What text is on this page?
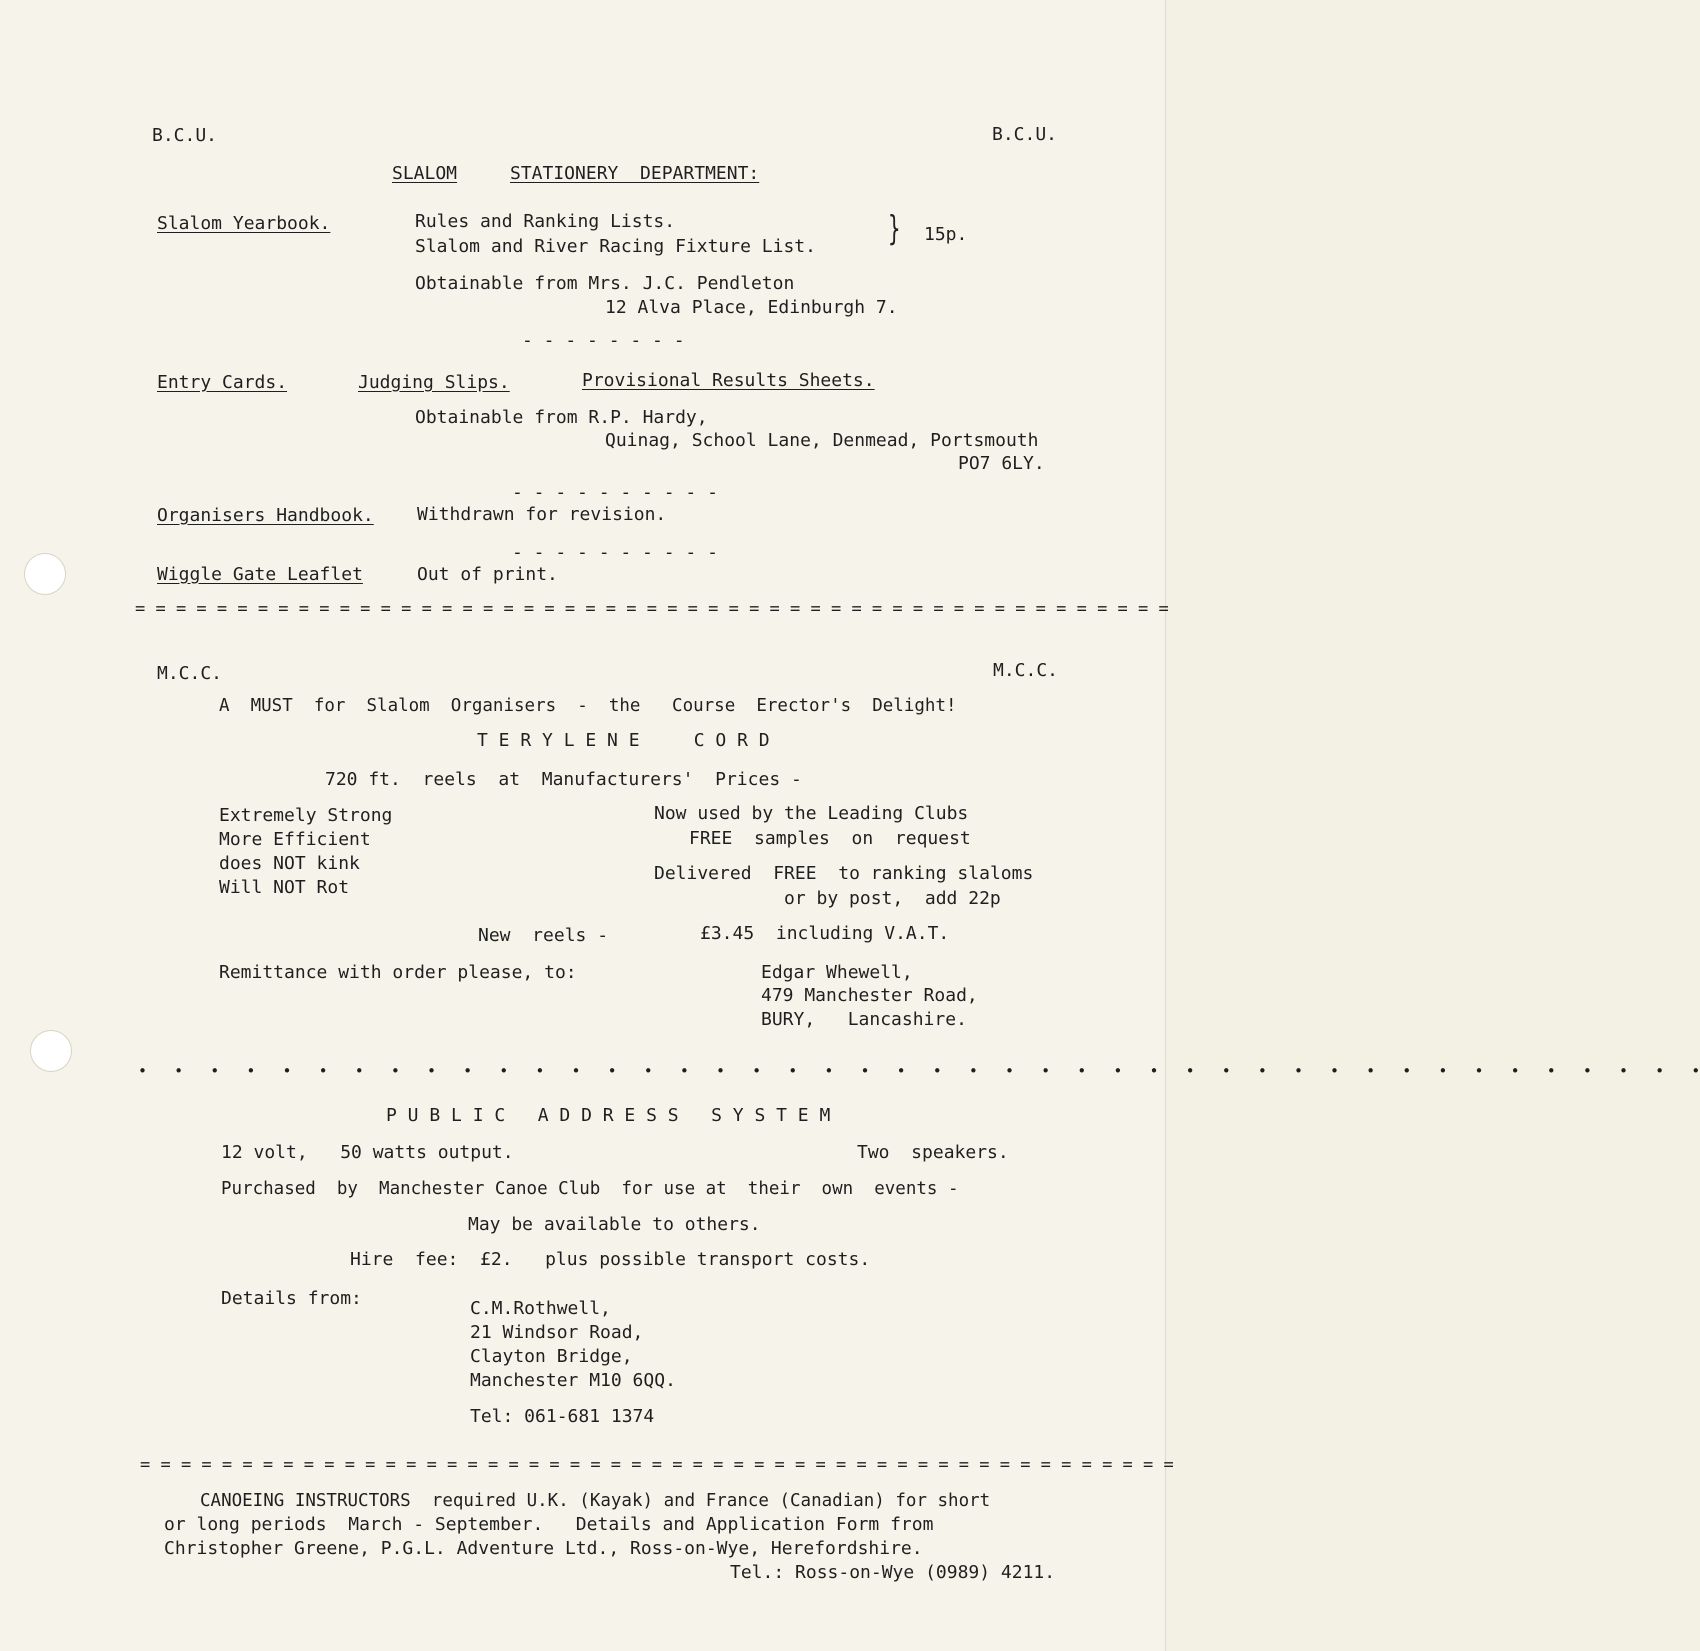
B.C.U.	B.C.U.
SLALOM	STATIONERY  DEPARTMENT:
Slalom Yearbook.	Rules and Ranking Lists.
Slalom and River Racing Fixture List. } 15p.
Obtainable from Mrs. J.C. Pendleton
12 Alva Place, Edinburgh 7.
- - - - - - - -
Entry Cards.	Judging Slips.	Provisional Results Sheets.
Obtainable from R.P. Hardy,
Quinag, School Lane, Denmead, Portsmouth
PO7 6LY.
- - - - - - - - - -
Organisers Handbook. Withdrawn for revision.
- - - - - - - - - -
Wiggle Gate Leaflet	Out of print.
= = = = = = = = = = = = = = = = = = = = = = = = = = = = = = = = = = = = = = = = = = = = = = = = = = =
M.C.C.	M.C.C.
A  MUST  for  Slalom  Organisers  -  the   Course  Erector's  Delight!
T E R Y L E N E     C O R D
720 ft.  reels  at  Manufacturers'  Prices -
Extremely Strong
More Efficient
does NOT kink
Will NOT Rot
Now used by the Leading Clubs
FREE  samples  on  request
Delivered  FREE  to ranking slaloms
or by post,  add 22p
New  reels -	£3.45  including V.A.T.
Remittance with order please, to:	Edgar Whewell,
479 Manchester Road,
BURY,   Lancashire.
•   •   •   •   •   •   •   •   •   •   •   •   •   •   •   •   •   •   •   •   •   •   •   •   •   •   •   •   •   •   •   •   •   •   •   •   •   •   •   •   •   •   •   •
P U B L I C   A D D R E S S   S Y S T E M
12 volt,   50 watts output.	Two  speakers.
Purchased  by  Manchester Canoe Club  for use at  their  own  events -
May be available to others.
Hire  fee:  £2.   plus possible transport costs.
Details from:	C.M.Rothwell,
21 Windsor Road,
Clayton Bridge,
Manchester M10 6QQ.
Tel: 061-681 1374
= = = = = = = = = = = = = = = = = = = = = = = = = = = = = = = = = = = = = = = = = = = = = = = = = = =
CANOEING INSTRUCTORS  required U.K. (Kayak) and France (Canadian) for short
or long periods  March - September.   Details and Application Form from
Christopher Greene, P.G.L. Adventure Ltd., Ross-on-Wye, Herefordshire.
Tel.: Ross-on-Wye (0989) 4211.
